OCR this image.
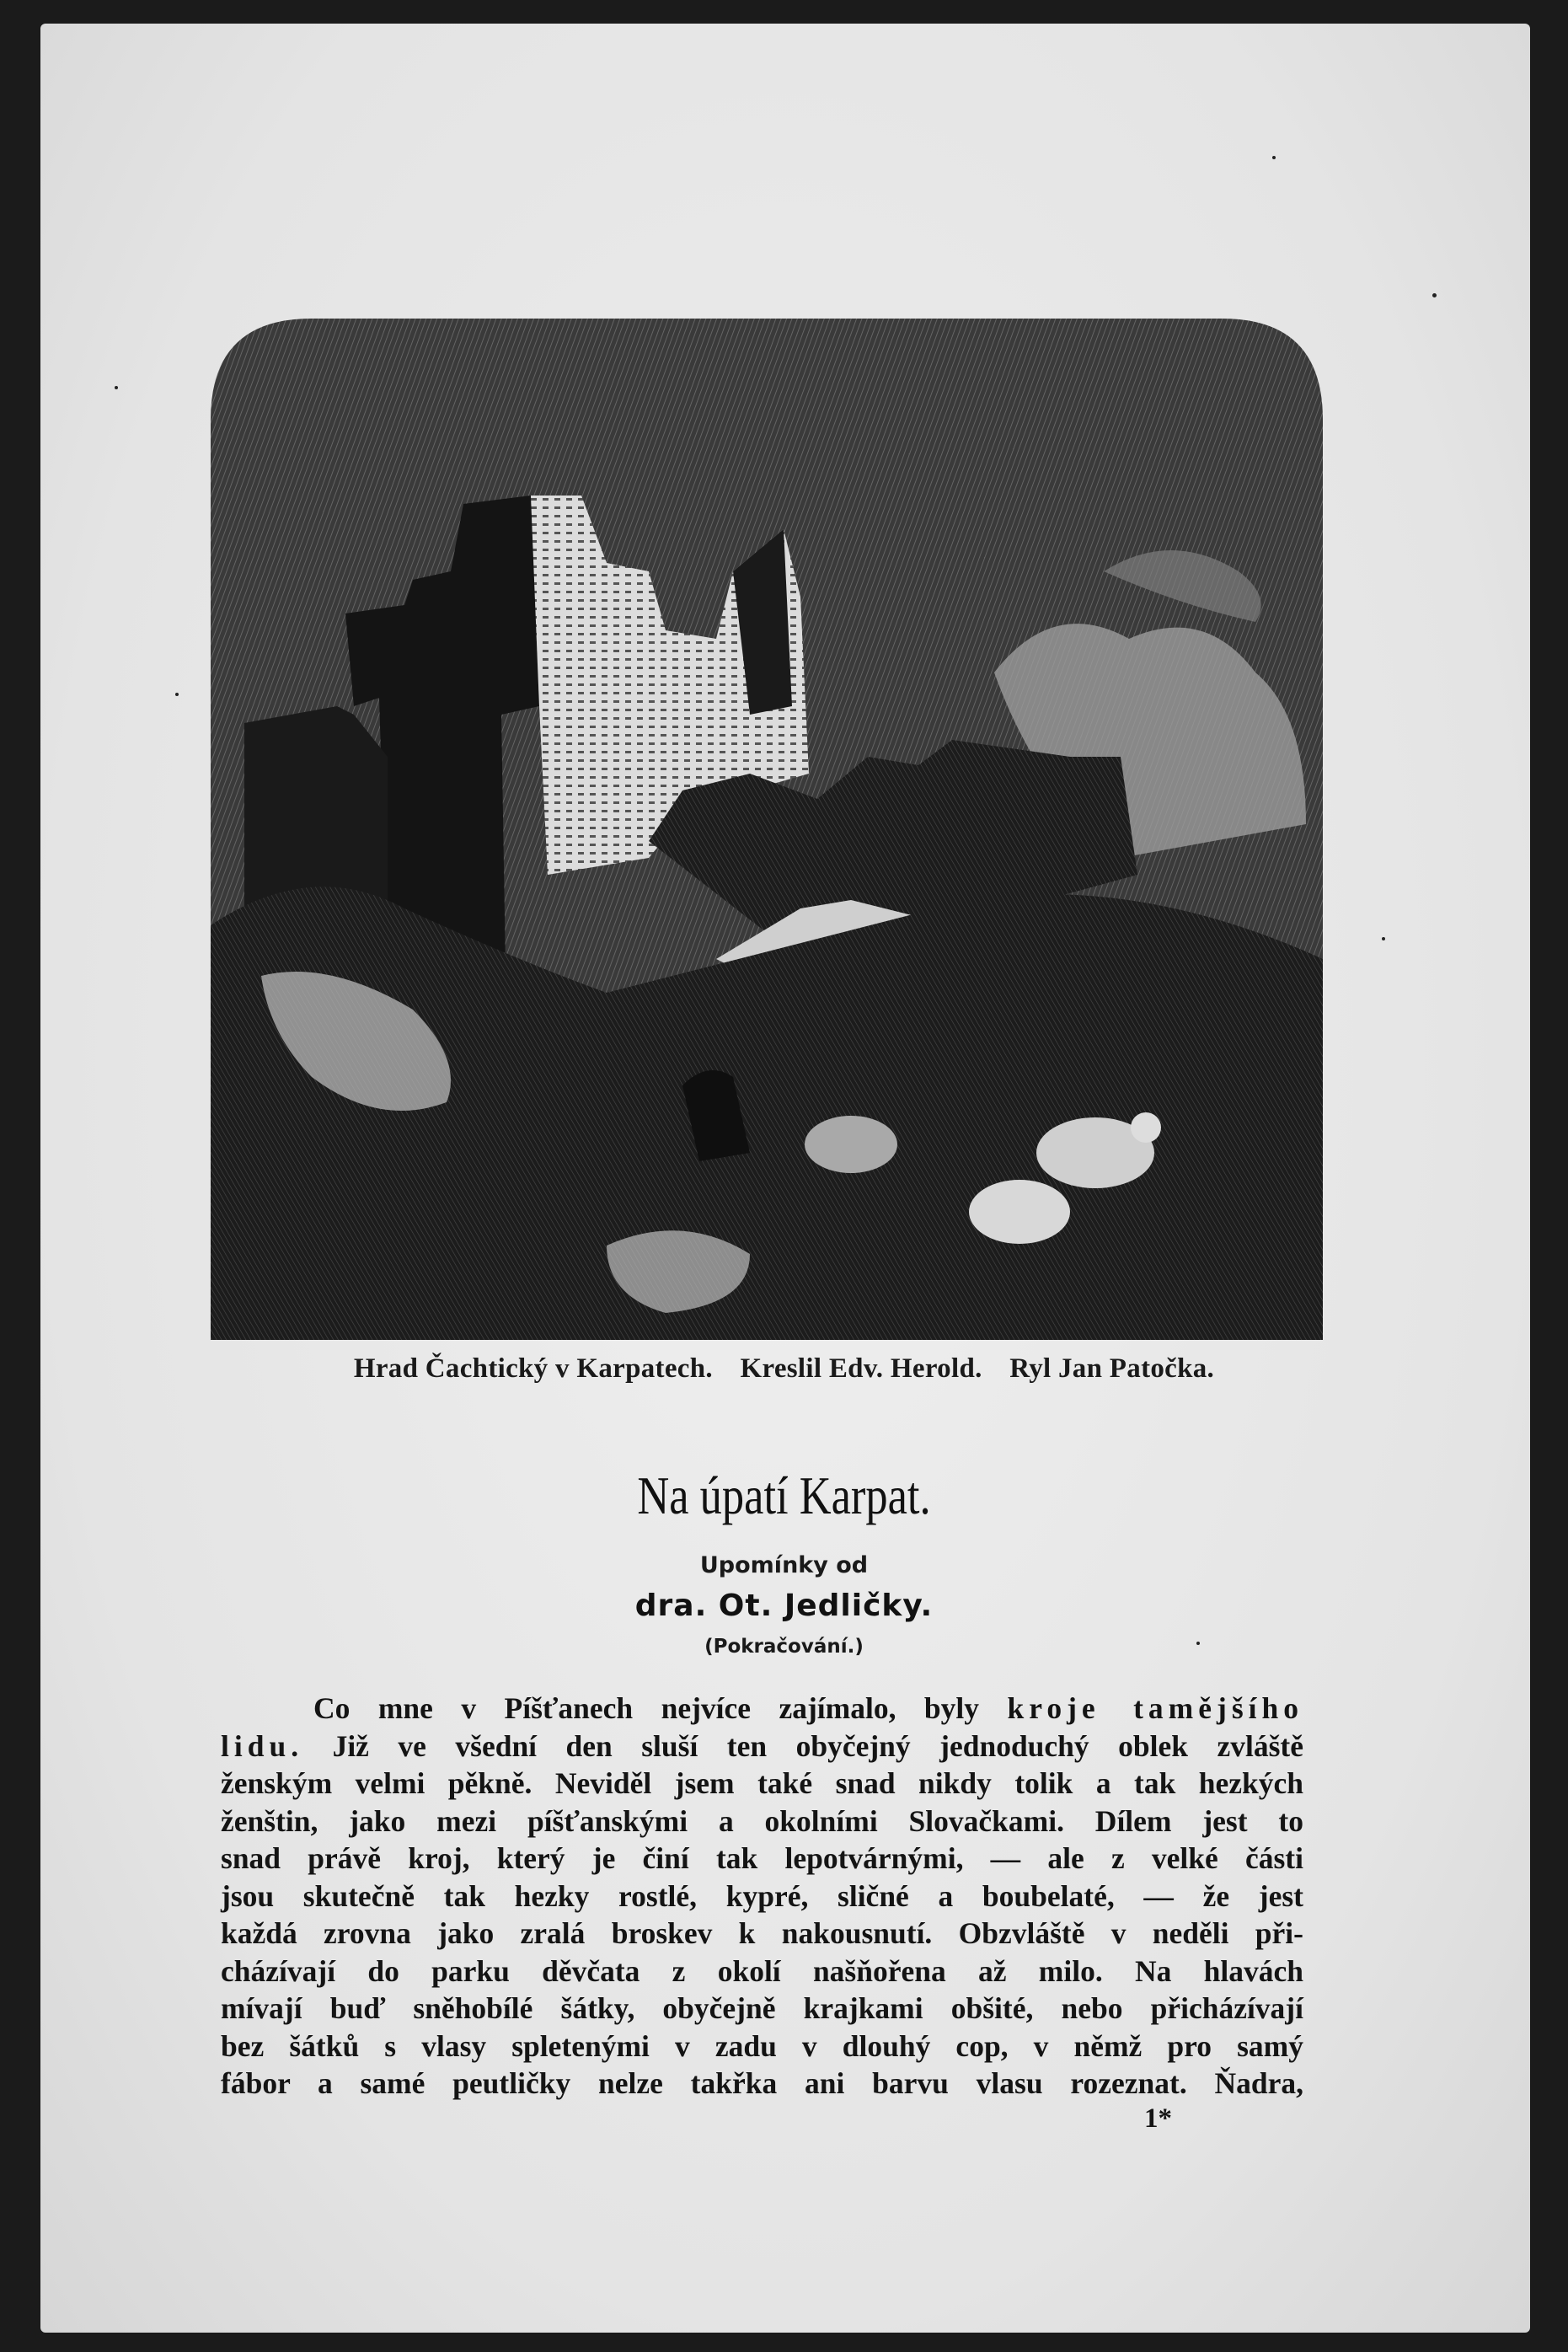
Hrad Čachtický v Karpatech. Kreslil Edv. Herold. Ryl Jan Patočka.
Na úpatí Karpat.
Upomínky od
dra. Ot. Jedličky.
(Pokračování.)
Co mne v Píšťanech nejvíce zajímalo, byly kroje tamějšího
lidu. Již ve všední den sluší ten obyčejný jednoduchý oblek zvláště
ženským velmi pěkně. Neviděl jsem také snad nikdy tolik a tak hezkých
ženštin, jako mezi píšťanskými a okolními Slovačkami. Dílem jest to
snad právě kroj, který je činí tak lepotvárnými, — ale z velké části
jsou skutečně tak hezky rostlé, kypré, sličné a boubelaté, — že jest
každá zrovna jako zralá broskev k nakousnutí. Obzvláště v neděli při-
cházívají do parku děvčata z okolí našňořena až milo. Na hlavách
mívají buď sněhobílé šátky, obyčejně krajkami obšité, nebo přicházívají
bez šátků s vlasy spletenými v zadu v dlouhý cop, v němž pro samý
fábor a samé peutličky nelze takřka ani barvu vlasu rozeznat. Ňadra,
1*
